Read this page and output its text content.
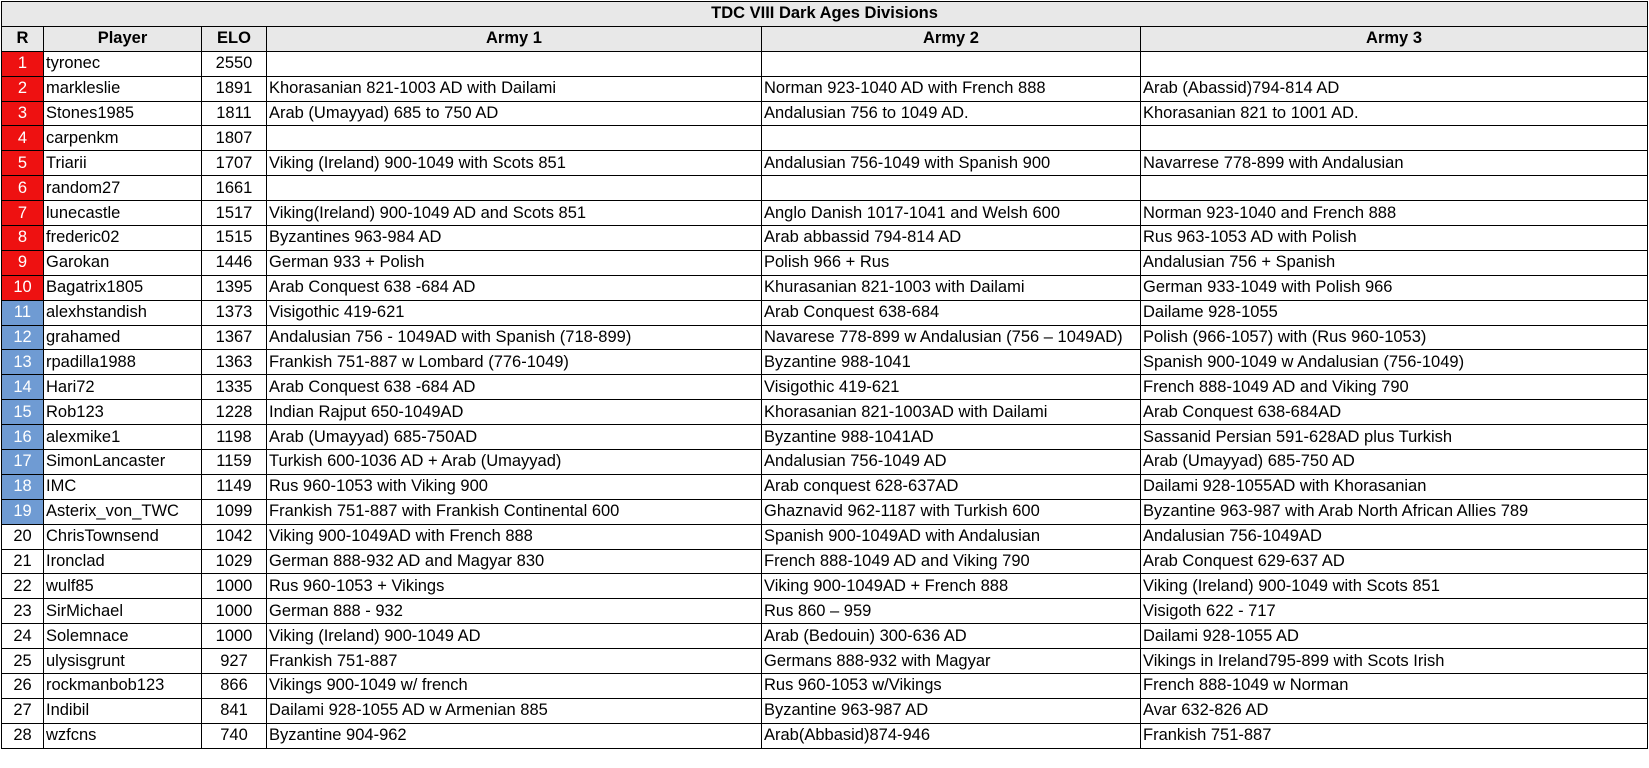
TDC VIII Dark Ages Divisions					
R	Player	ELO	Army 1	Army 2	Army 3
1	tyronec	2550			
2	markleslie	1891	Khorasanian 821-1003 AD with Dailami	Norman 923-1040 AD with French 888	Arab (Abassid)794-814 AD
3	Stones1985	1811	Arab (Umayyad) 685 to 750 AD	Andalusian 756 to 1049 AD.	Khorasanian 821 to 1001 AD.
4	carpenkm	1807			
5	Triarii	1707	Viking (Ireland) 900-1049 with Scots 851	Andalusian 756-1049 with Spanish 900	Navarrese 778-899 with Andalusian
6	random27	1661			
7	lunecastle	1517	Viking(Ireland) 900-1049 AD and Scots 851	Anglo Danish 1017-1041 and Welsh 600	Norman 923-1040 and French 888
8	frederic02	1515	Byzantines 963-984 AD	Arab abbassid 794-814 AD	Rus 963-1053 AD with Polish
9	Garokan	1446	German 933 + Polish	Polish 966 + Rus	Andalusian 756 + Spanish
10	Bagatrix1805	1395	Arab Conquest 638 -684 AD	Khurasanian 821-1003 with Dailami	German 933-1049 with Polish 966
11	alexhstandish	1373	Visigothic 419-621	Arab Conquest 638-684	Dailame 928-1055
12	grahamed	1367	Andalusian 756 - 1049AD with Spanish (718-899)	Navarese 778-899 w Andalusian (756 – 1049AD)	Polish (966-1057) with (Rus 960-1053)
13	rpadilla1988	1363	Frankish 751-887 w Lombard (776-1049)	Byzantine 988-1041	Spanish 900-1049 w Andalusian (756-1049)
14	Hari72	1335	Arab Conquest 638 -684 AD	Visigothic 419-621	French 888-1049 AD and Viking 790
15	Rob123	1228	Indian Rajput 650-1049AD	Khorasanian 821-1003AD with Dailami	Arab Conquest 638-684AD
16	alexmike1	1198	Arab (Umayyad) 685-750AD	Byzantine 988-1041AD	Sassanid Persian 591-628AD plus Turkish
17	SimonLancaster	1159	Turkish 600-1036 AD + Arab (Umayyad)	Andalusian 756-1049 AD	Arab (Umayyad) 685-750 AD
18	IMC	1149	Rus 960-1053 with Viking 900	Arab conquest 628-637AD	Dailami 928-1055AD with Khorasanian
19	Asterix_von_TWC	1099	Frankish 751-887 with Frankish Continental 600	Ghaznavid 962-1187 with Turkish 600	Byzantine 963-987 with Arab North African Allies 789
20	ChrisTownsend	1042	Viking 900-1049AD with French 888	Spanish 900-1049AD with Andalusian	Andalusian 756-1049AD
21	Ironclad	1029	German 888-932 AD and Magyar 830	French 888-1049 AD and Viking 790	Arab Conquest 629-637 AD
22	wulf85	1000	Rus 960-1053 + Vikings	Viking 900-1049AD + French 888	Viking (Ireland) 900-1049 with Scots 851
23	SirMichael	1000	German 888 - 932	Rus 860 – 959	Visigoth 622 - 717
24	Solemnace	1000	Viking (Ireland) 900-1049 AD	Arab (Bedouin) 300-636 AD	Dailami 928-1055 AD
25	ulysisgrunt	927	Frankish 751-887	Germans 888-932 with Magyar	Vikings in Ireland795-899 with Scots Irish
26	rockmanbob123	866	Vikings 900-1049 w/ french	Rus 960-1053 w/Vikings	French 888-1049 w Norman
27	Indibil	841	Dailami 928-1055 AD w Armenian 885	Byzantine 963-987 AD	Avar 632-826 AD
28	wzfcns	740	Byzantine 904-962	Arab(Abbasid)874-946	Frankish 751-887
